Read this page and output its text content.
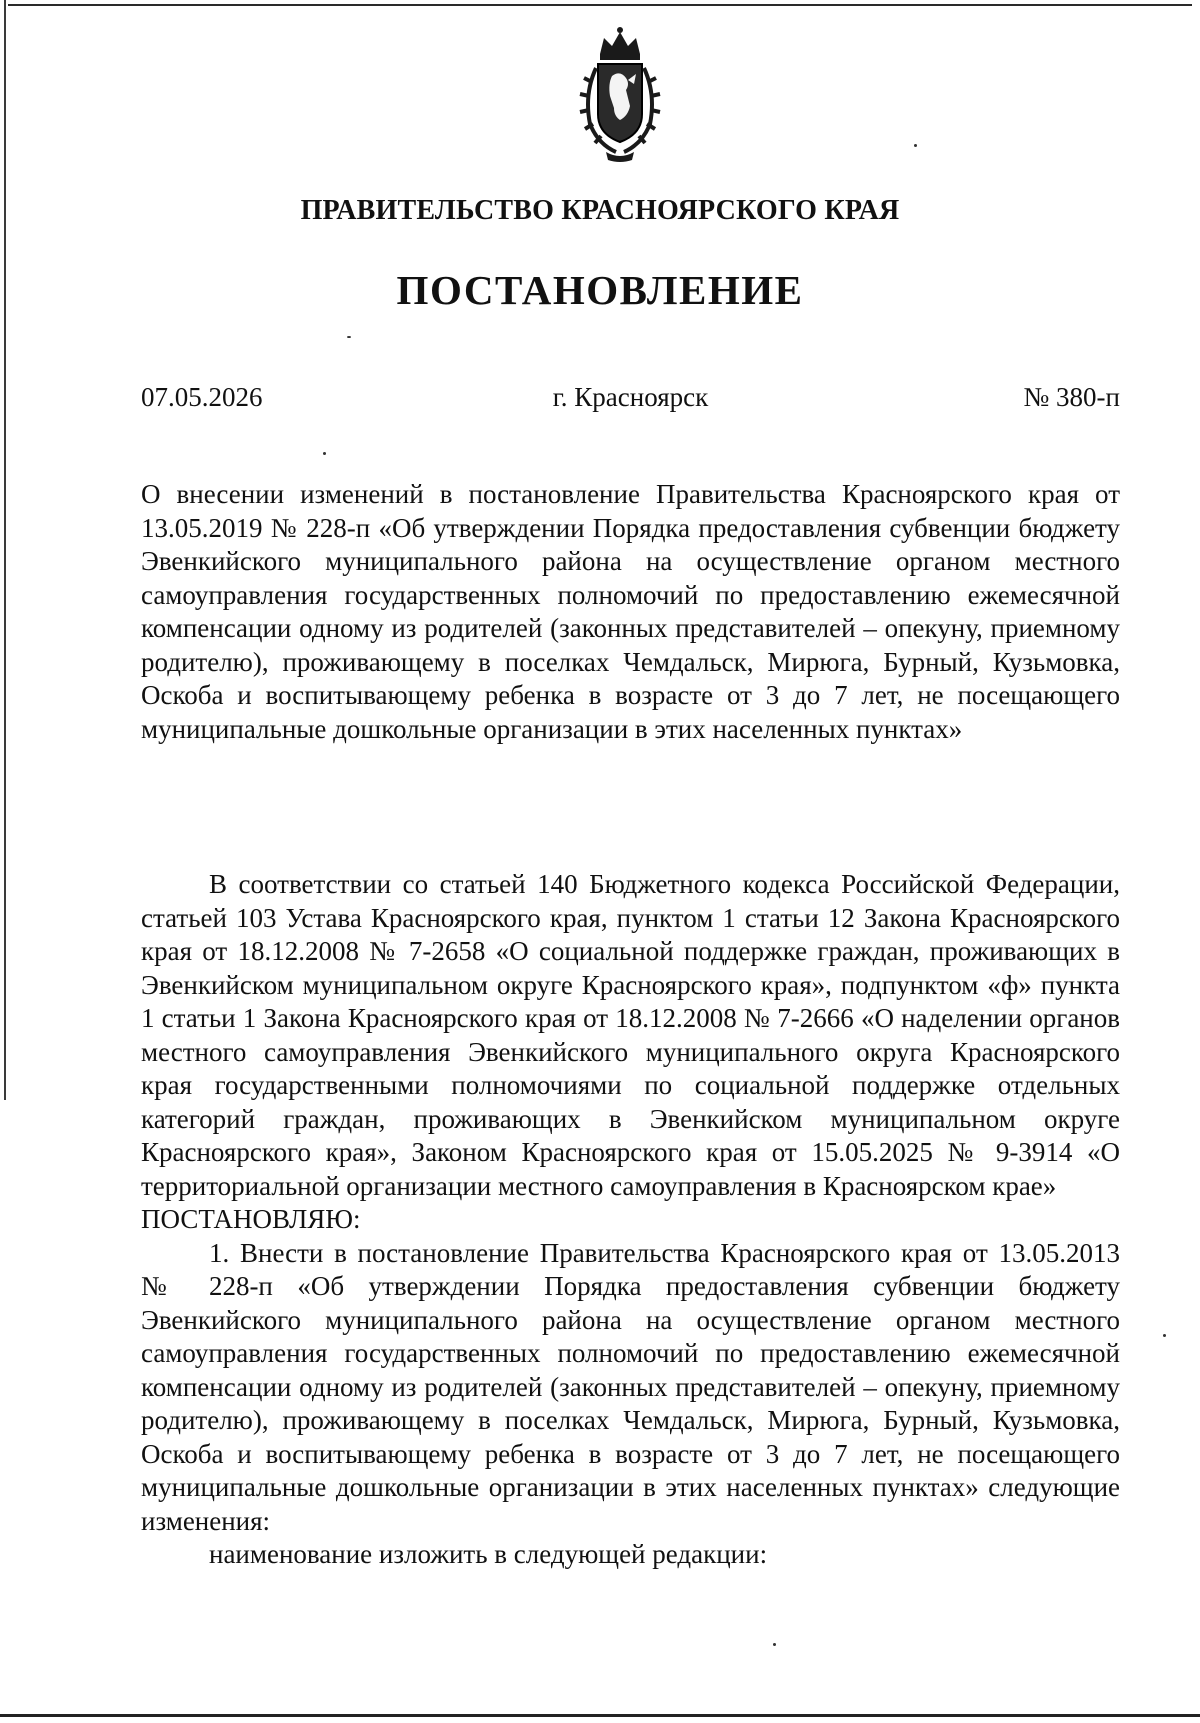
ПРАВИТЕЛЬСТВО КРАСНОЯРСКОГО КРАЯ
ПОСТАНОВЛЕНИЕ
07.05.2026	г. Красноярск	№ 380-п
О внесении изменений в постановление Правительства Красноярского края от 13.05.2019 № 228-п «Об утверждении Порядка предоставления субвенции бюджету Эвенкийского муниципального района на осуществление органом местного самоуправления государственных полномочий по предоставлению ежемесячной компенсации одному из родителей (законных представителей – опекуну, приемному родителю), проживающему в поселках Чемдальск, Мирюга, Бурный, Кузьмовка, Оскоба и воспитывающему ребенка в возрасте от 3 до 7 лет, не посещающего муниципальные дошкольные организации в этих населенных пунктах»

В соответствии со статьей 140 Бюджетного кодекса Российской Федерации, статьей 103 Устава Красноярского края, пунктом 1 статьи 12 Закона Красноярского края от 18.12.2008 № 7-2658 «О социальной поддержке граждан, проживающих в Эвенкийском муниципальном округе Красноярского края», подпунктом «ф» пункта 1 статьи 1 Закона Красноярского края от 18.12.2008 № 7-2666 «О наделении органов местного самоуправления Эвенкийского муниципального округа Красноярского края государственными полномочиями по социальной поддержке отдельных категорий граждан, проживающих в Эвенкийском муниципальном округе Красноярского края», Законом Красноярского края от 15.05.2025 № 9-3914 «О территориальной организации местного самоуправления в Красноярском крае»

ПОСТАНОВЛЯЮ:

1. Внести в постановление Правительства Красноярского края от 13.05.2013 № 228-п «Об утверждении Порядка предоставления субвенции бюджету Эвенкийского муниципального района на осуществление органом местного самоуправления государственных полномочий по предоставлению ежемесячной компенсации одному из родителей (законных представителей – опекуну, приемному родителю), проживающему в поселках Чемдальск, Мирюга, Бурный, Кузьмовка, Оскоба и воспитывающему ребенка в возрасте от 3 до 7 лет, не посещающего муниципальные дошкольные организации в этих населенных пунктах» следующие изменения:

наименование изложить в следующей редакции:
